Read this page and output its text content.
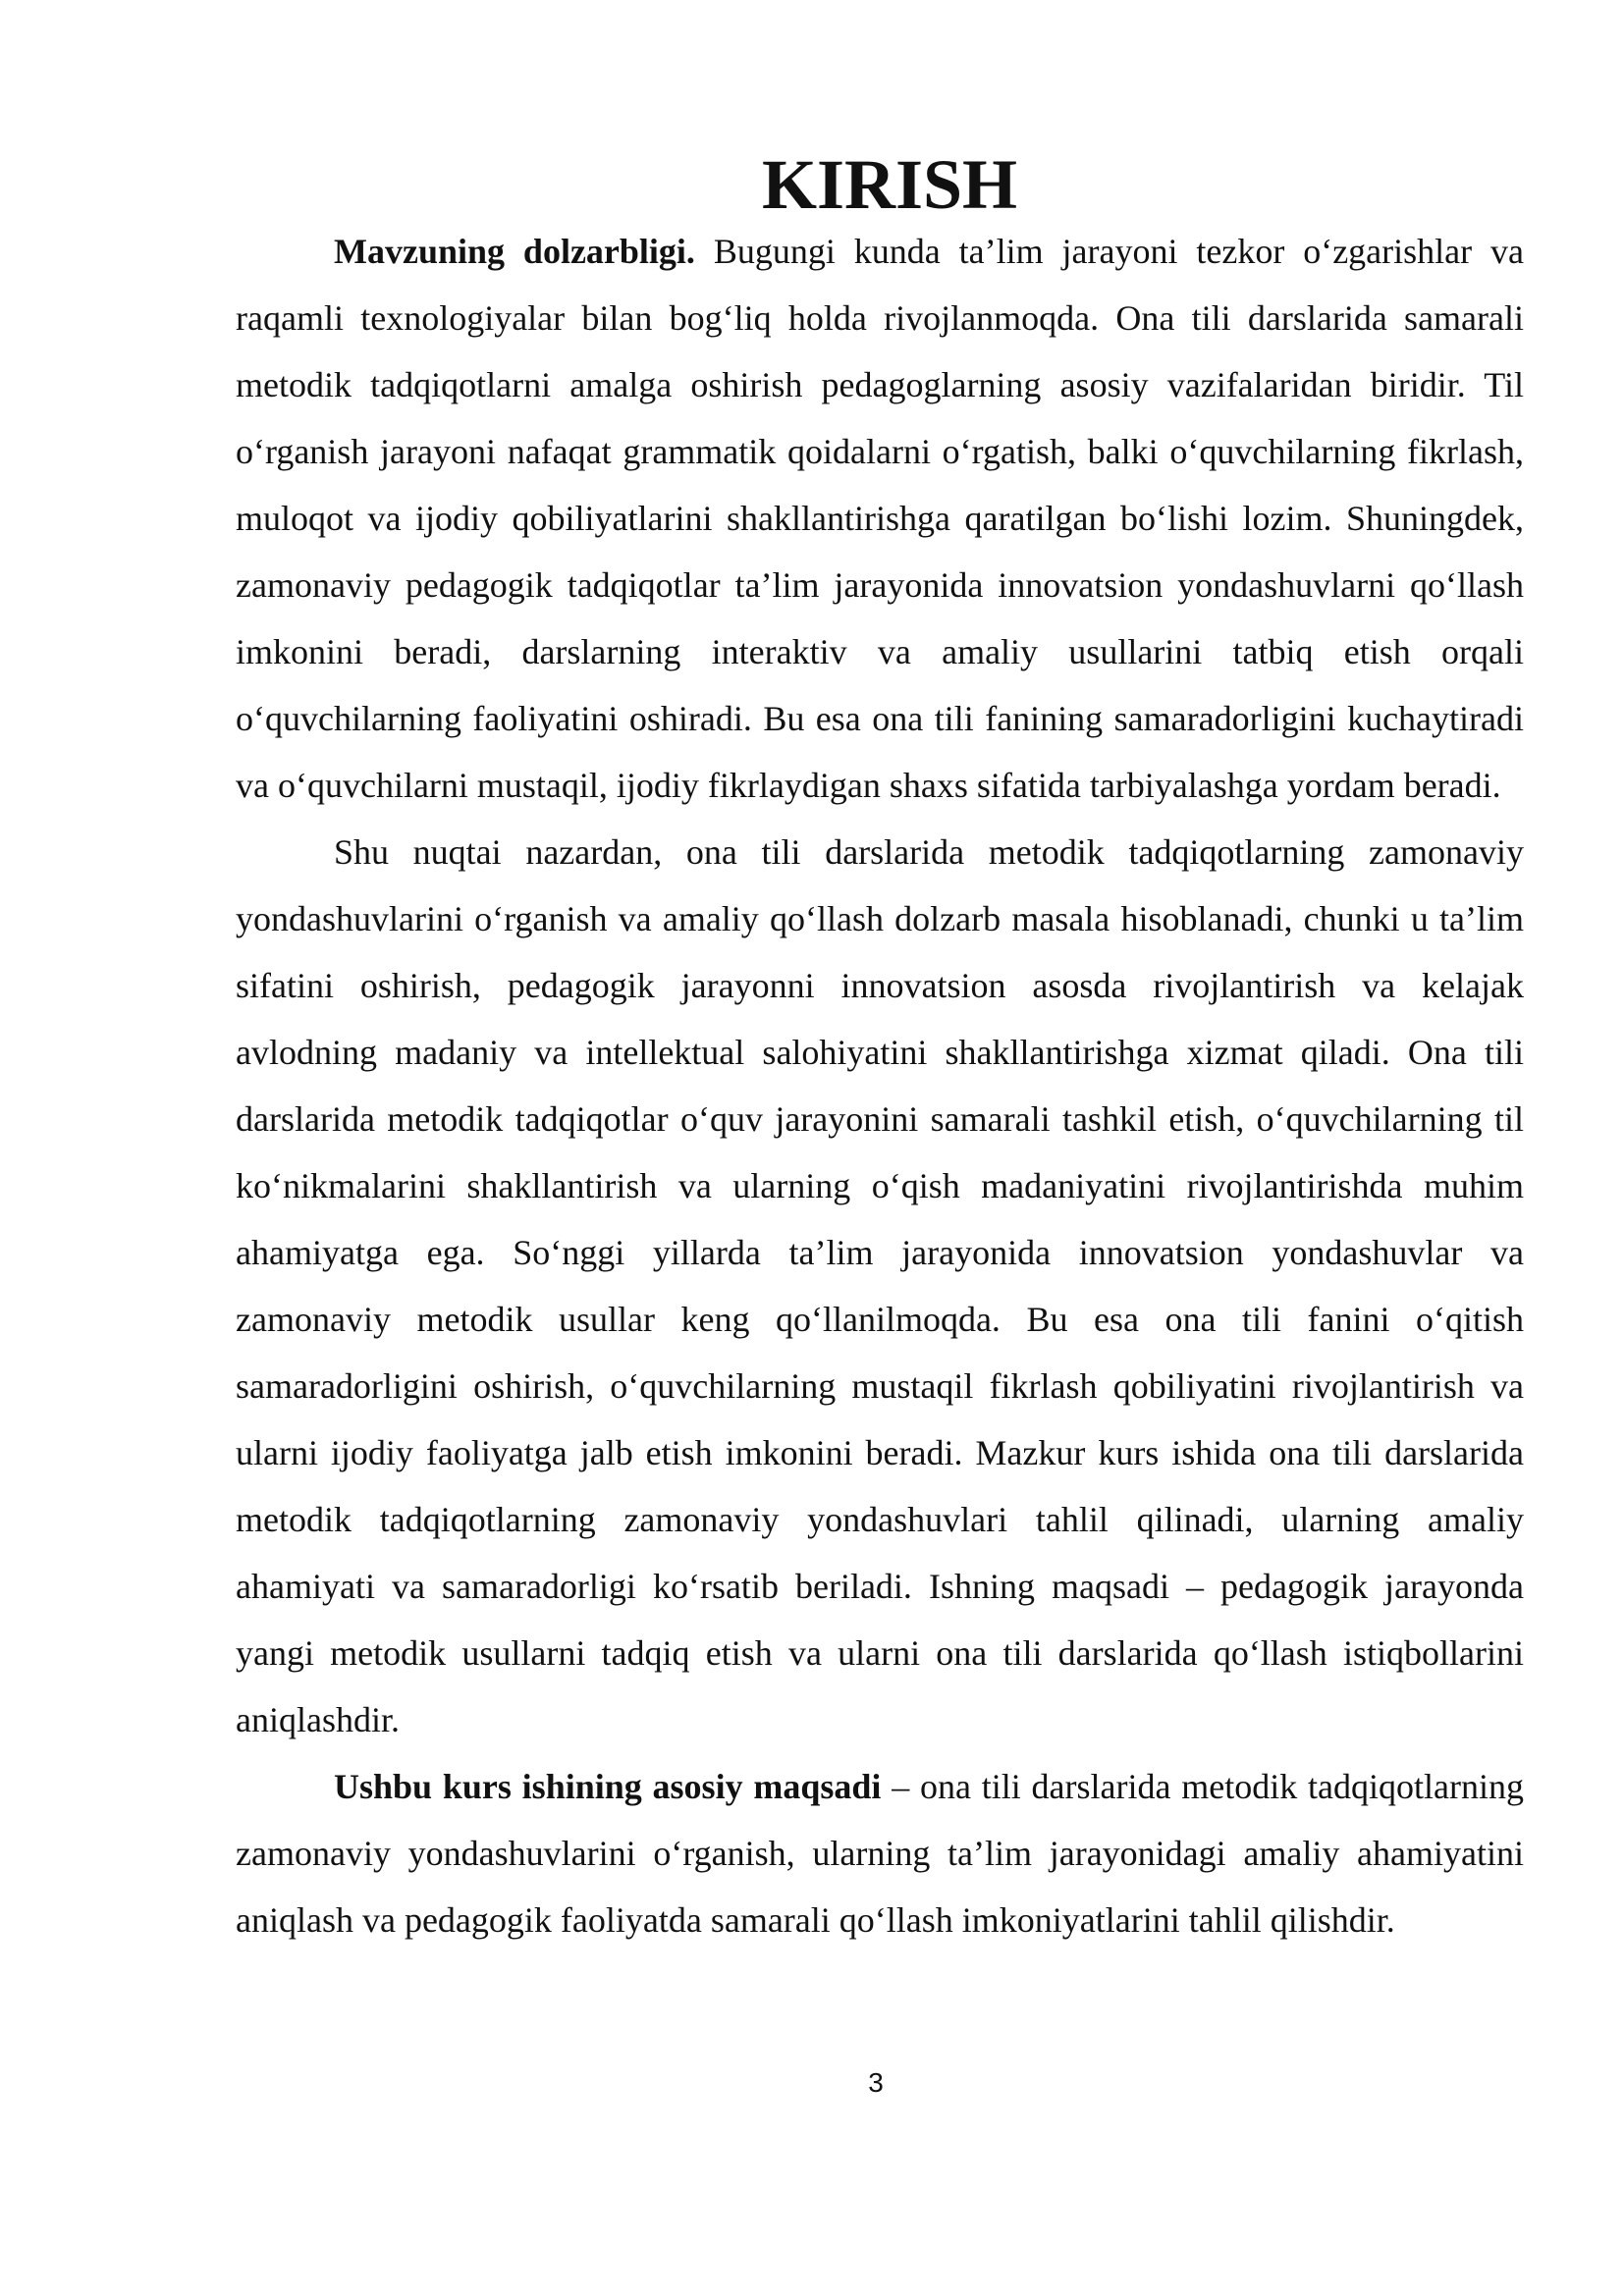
KIRISH

Mavzuning dolzarbligi. Bugungi kunda ta’lim jarayoni tezkor o‘zgarishlar va raqamli texnologiyalar bilan bog‘liq holda rivojlanmoqda. Ona tili darslarida samarali metodik tadqiqotlarni amalga oshirish pedagoglarning asosiy vazifalaridan biridir. Til o‘rganish jarayoni nafaqat grammatik qoidalarni o‘rgatish, balki o‘quvchilarning fikrlash, muloqot va ijodiy qobiliyatlarini shakllantirishga qaratilgan bo‘lishi lozim. Shuningdek, zamonaviy pedagogik tadqiqotlar ta’lim jarayonida innovatsion yondashuvlarni qo‘llash imkonini beradi, darslarning interaktiv va amaliy usullarini tatbiq etish orqali o‘quvchilarning faoliyatini oshiradi. Bu esa ona tili fanining samaradorligini kuchaytiradi va o‘quvchilarni mustaqil, ijodiy fikrlaydigan shaxs sifatida tarbiyalashga yordam beradi.

Shu nuqtai nazardan, ona tili darslarida metodik tadqiqotlarning zamonaviy yondashuvlarini o‘rganish va amaliy qo‘llash dolzarb masala hisoblanadi, chunki u ta’lim sifatini oshirish, pedagogik jarayonni innovatsion asosda rivojlantirish va kelajak avlodning madaniy va intellektual salohiyatini shakllantirishga xizmat qiladi. Ona tili darslarida metodik tadqiqotlar o‘quv jarayonini samarali tashkil etish, o‘quvchilarning til ko‘nikmalarini shakllantirish va ularning o‘qish madaniyatini rivojlantirishda muhim ahamiyatga ega. So‘nggi yillarda ta’lim jarayonida innovatsion yondashuvlar va zamonaviy metodik usullar keng qo‘llanilmoqda. Bu esa ona tili fanini o‘qitish samaradorligini oshirish, o‘quvchilarning mustaqil fikrlash qobiliyatini rivojlantirish va ularni ijodiy faoliyatga jalb etish imkonini beradi. Mazkur kurs ishida ona tili darslarida metodik tadqiqotlarning zamonaviy yondashuvlari tahlil qilinadi, ularning amaliy ahamiyati va samaradorligi ko‘rsatib beriladi. Ishning maqsadi – pedagogik jarayonda yangi metodik usullarni tadqiq etish va ularni ona tili darslarida qo‘llash istiqbollarini aniqlashdir.

Ushbu kurs ishining asosiy maqsadi – ona tili darslarida metodik tadqiqotlarning zamonaviy yondashuvlarini o‘rganish, ularning ta’lim jarayonidagi amaliy ahamiyatini aniqlash va pedagogik faoliyatda samarali qo‘llash imkoniyatlarini tahlil qilishdir.

3
